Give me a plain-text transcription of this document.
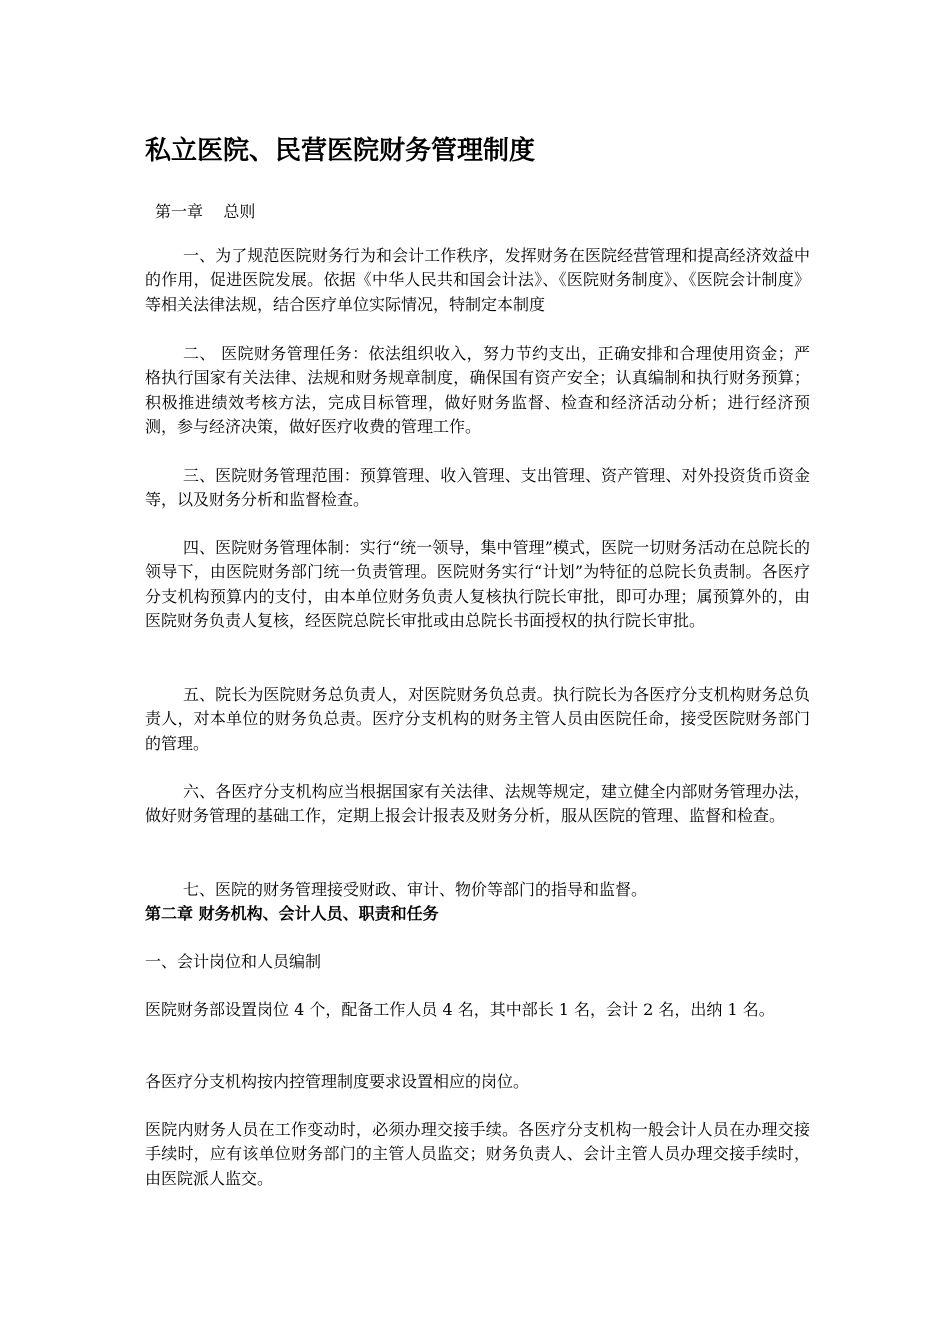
私立医院、民营医院财务管理制度
第一章    总则

一、为了规范医院财务行为和会计工作秩序，发挥财务在医院经营管理和提高经济效益中的作用，促进医院发展。依据《中华人民共和国会计法》、《医院财务制度》、《医院会计制度》等相关法律法规，结合医疗单位实际情况，特制定本制度

二、 医院财务管理任务：依法组织收入，努力节约支出，正确安排和合理使用资金；严格执行国家有关法律、法规和财务规章制度，确保国有资产安全；认真编制和执行财务预算；积极推进绩效考核方法，完成目标管理，做好财务监督、检查和经济活动分析；进行经济预测，参与经济决策，做好医疗收费的管理工作。

三、医院财务管理范围：预算管理、收入管理、支出管理、资产管理、对外投资货币资金等，以及财务分析和监督检查。

四、医院财务管理体制：实行“统一领导，集中管理”模式，医院一切财务活动在总院长的领导下，由医院财务部门统一负责管理。医院财务实行“计划”为特征的总院长负责制。各医疗分支机构预算内的支付，由本单位财务负责人复核执行院长审批，即可办理；属预算外的，由医院财务负责人复核，经医院总院长审批或由总院长书面授权的执行院长审批。

五、院长为医院财务总负责人，对医院财务负总责。执行院长为各医疗分支机构财务总负责人，对本单位的财务负总责。医疗分支机构的财务主管人员由医院任命，接受医院财务部门的管理。

六、各医疗分支机构应当根据国家有关法律、法规等规定，建立健全内部财务管理办法，做好财务管理的基础工作，定期上报会计报表及财务分析，服从医院的管理、监督和检查。

七、医院的财务管理接受财政、审计、物价等部门的指导和监督。

第二章 财务机构、会计人员、职责和任务

一、会计岗位和人员编制

医院财务部设置岗位 4 个，配备工作人员 4 名，其中部长 1 名，会计 2 名，出纳 1 名。

各医疗分支机构按内控管理制度要求设置相应的岗位。

医院内财务人员在工作变动时，必须办理交接手续。各医疗分支机构一般会计人员在办理交接手续时，应有该单位财务部门的主管人员监交；财务负责人、会计主管人员办理交接手续时，由医院派人监交。
